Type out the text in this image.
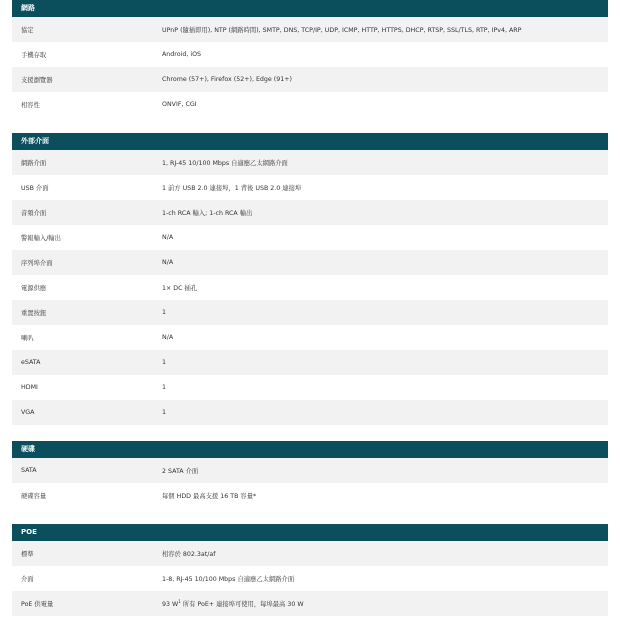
網路
協定	UPnP (隨插即用), NTP (網路時間), SMTP, DNS, TCP/IP, UDP, ICMP, HTTP, HTTPS, DHCP, RTSP, SSL/TLS, RTP, IPv4, ARP
手機存取	Android, iOS
支援瀏覽器	Chrome (57+), Firefox (52+), Edge (91+)
相容性	ONVIF, CGI
外部介面
網路介面	1, RJ-45 10/100 Mbps 自適應乙太網路介面
USB 介面	1 前方 USB 2.0 連接埠，1 背後 USB 2.0 連接埠
音頻介面	1-ch RCA 輸入; 1-ch RCA 輸出
警報輸入/輸出	N/A
序列埠介面	N/A
電源供應	1× DC 插孔
重置按鈕	1
喇叭	N/A
eSATA	1
HDMI	1
VGA	1
硬碟
SATA	2 SATA 介面
硬碟容量	每個 HDD 最高支援 16 TB 容量*
POE
標準	相容於 802.3at/af
介面	1-8, RJ-45 10/100 Mbps 自適應乙太網路介面
PoE 供電量	93 $W^1$ 所有 PoE+ 連接埠可使用，每埠最高 30 W
